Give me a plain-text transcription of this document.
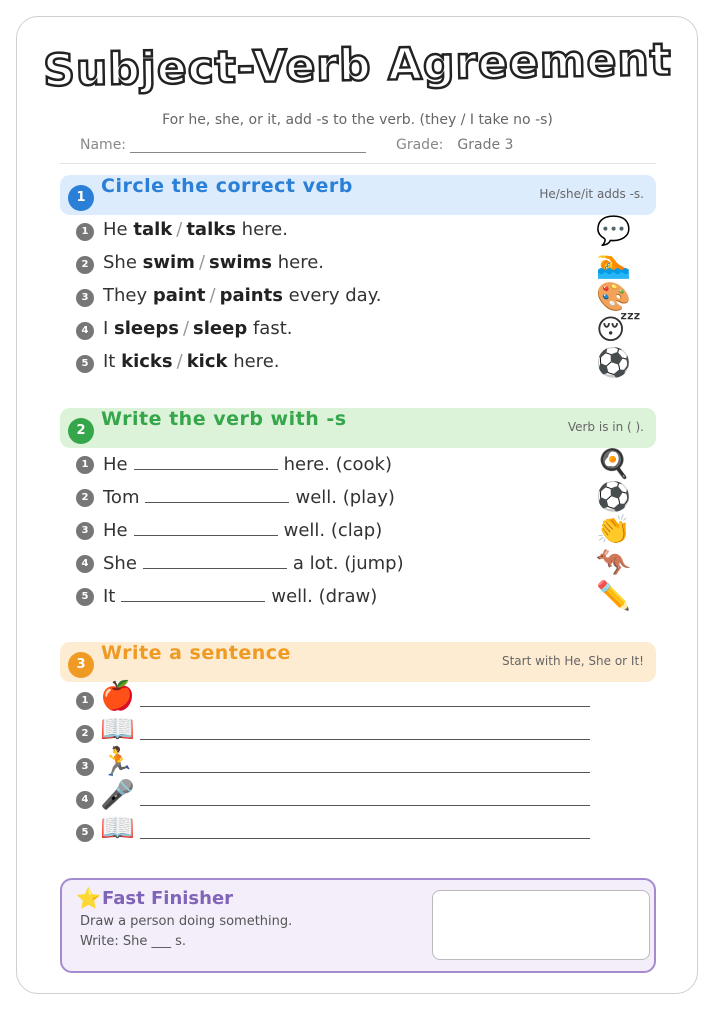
Subject-Verb Agreement
For he, she, or it, add -s to the verb. (they / I take no -s)
Name:	Grade: Grade 3
1
Circle the correct verb	He/she/it adds -s.
1 He talk / talks here.	💬
2 She swim / swims here.	🏊
3 They paint / paints every day.	🎨
4 I sleeps / sleep fast.	😴
5 It kicks / kick here.	⚽
2
Write the verb with -s	Verb is in ( ).
1 He	here. (cook)	🍳
2 Tom	well. (play)	⚽
3 He	well. (clap)	👏
4 She	a lot. (jump)	🦘
5 It	well. (draw)	✏️
3
Write a sentence	Start with He, She or It!
1 🍎
2 📖
3 🏃
4 🎤
5 📖
⭐ Fast Finisher
Draw a person doing something.
Write: She ___ s.
